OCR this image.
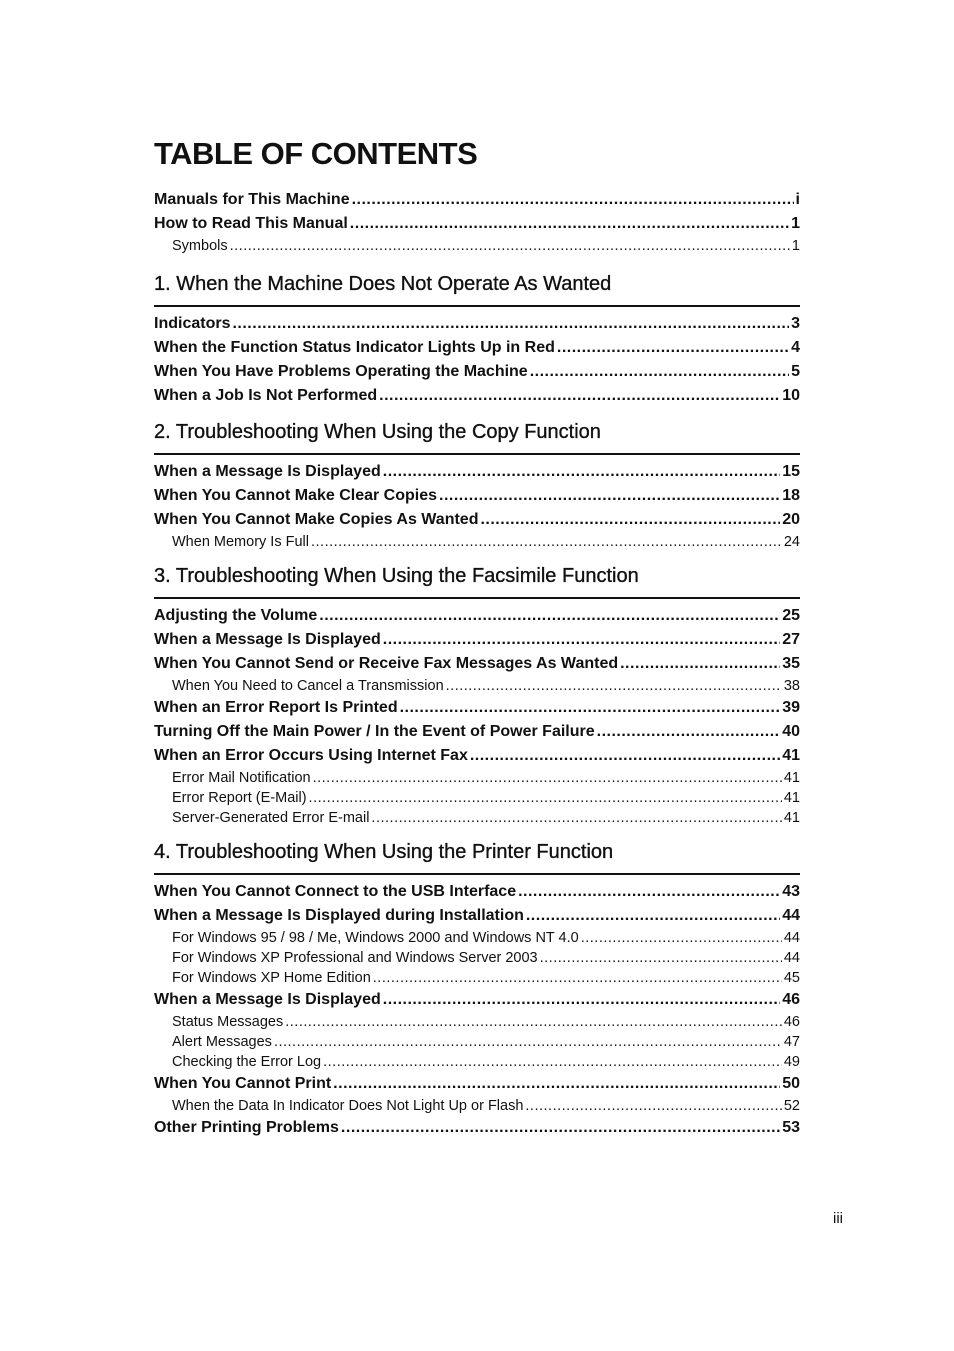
TABLE OF CONTENTS
Manuals for This Machine .....	i
How to Read This Manual .....	1
Symbols .....	1
1. When the Machine Does Not Operate As Wanted
Indicators .....	3
When the Function Status Indicator Lights Up in Red .....	4
When You Have Problems Operating the Machine .....	5
When a Job Is Not Performed .....	10
2. Troubleshooting When Using the Copy Function
When a Message Is Displayed .....	15
When You Cannot Make Clear Copies .....	18
When You Cannot Make Copies As Wanted .....	20
When Memory Is Full .....	24
3. Troubleshooting When Using the Facsimile Function
Adjusting the Volume .....	25
When a Message Is Displayed .....	27
When You Cannot Send or Receive Fax Messages As Wanted .....	35
When You Need to Cancel a Transmission .....	38
When an Error Report Is Printed .....	39
Turning Off the Main Power / In the Event of Power Failure .....	40
When an Error Occurs Using Internet Fax .....	41
Error Mail Notification .....	41
Error Report (E-Mail) .....	41
Server-Generated Error E-mail .....	41
4. Troubleshooting When Using the Printer Function
When You Cannot Connect to the USB Interface .....	43
When a Message Is Displayed during Installation .....	44
For Windows 95 / 98 / Me, Windows 2000 and Windows NT 4.0 .....	44
For Windows XP Professional and Windows Server 2003 .....	44
For Windows XP Home Edition .....	45
When a Message Is Displayed .....	46
Status Messages .....	46
Alert Messages .....	47
Checking the Error Log .....	49
When You Cannot Print .....	50
When the Data In Indicator Does Not Light Up or Flash .....	52
Other Printing Problems .....	53
iii
